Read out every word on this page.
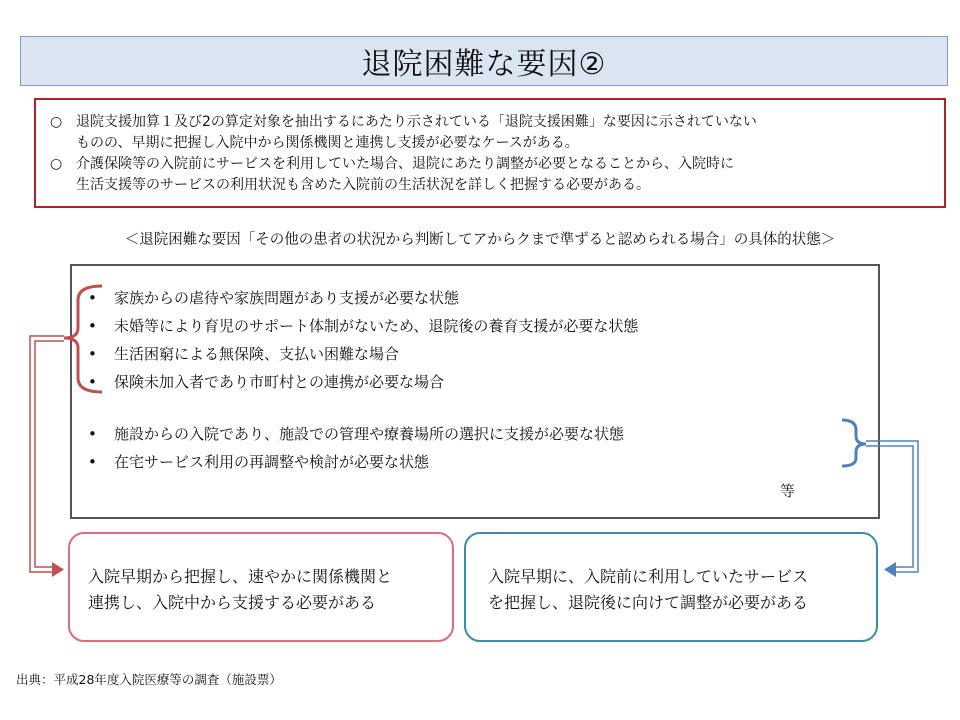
退院困難な要因②
○ 退院支援加算１及び2の算定対象を抽出するにあたり示されている「退院支援困難」な要因に示されていない
ものの、早期に把握し入院中から関係機関と連携し支援が必要なケースがある。
○ 介護保険等の入院前にサービスを利用していた場合、退院にあたり調整が必要となることから、入院時に
生活支援等のサービスの利用状況も含めた入院前の生活状況を詳しく把握する必要がある。
＜退院困難な要因「その他の患者の状況から判断してアからクまで準ずると認められる場合」の具体的状態＞
• 家族からの虐待や家族問題があり支援が必要な状態
• 未婚等により育児のサポート体制がないため、退院後の養育支援が必要な状態
• 生活困窮による無保険、支払い困難な場合
• 保険未加入者であり市町村との連携が必要な場合
• 施設からの入院であり、施設での管理や療養場所の選択に支援が必要な状態
• 在宅サービス利用の再調整や検討が必要な状態
等
入院早期から把握し、速やかに関係機関と
連携し、入院中から支援する必要がある
入院早期に、入院前に利用していたサービス
を把握し、退院後に向けて調整が必要がある
出典：平成28年度入院医療等の調査（施設票）
